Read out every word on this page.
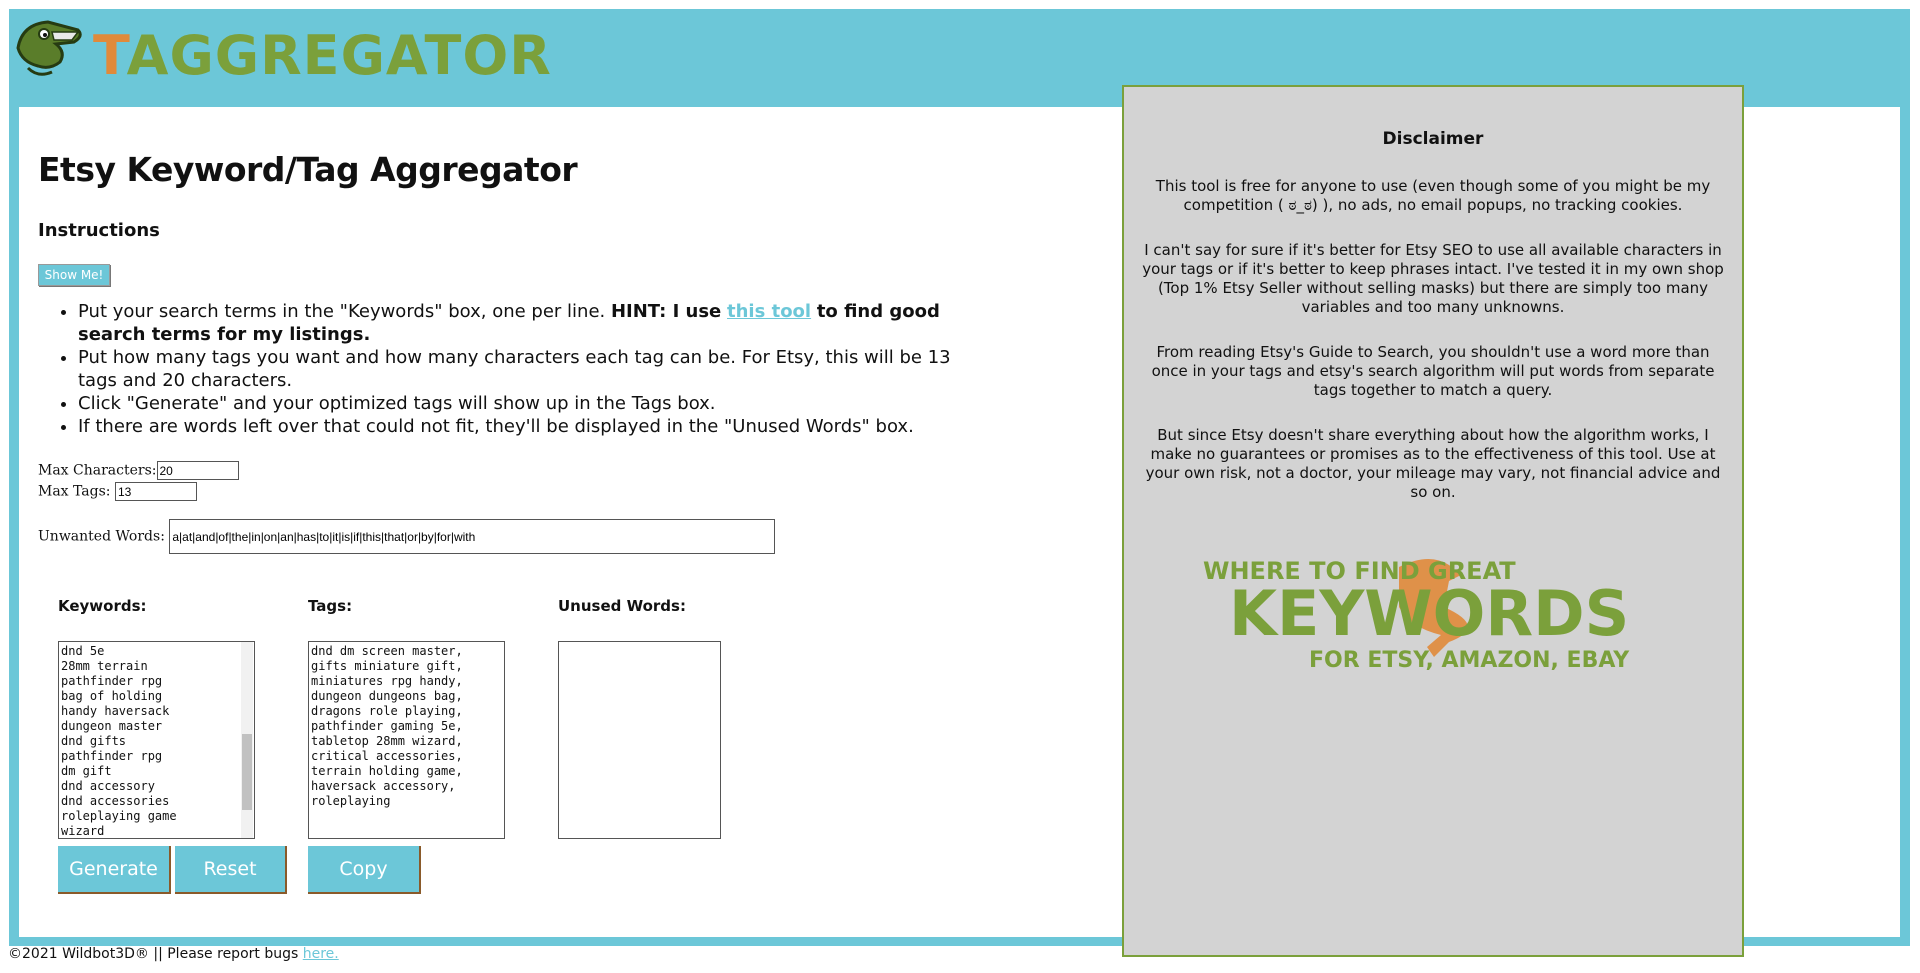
TAGGREGATOR
Etsy Keyword/Tag Aggregator
Instructions
Show Me!
• Put your search terms in the "Keywords" box, one per line. HINT: I use this tool to find good search terms for my listings.
• Put how many tags you want and how many characters each tag can be. For Etsy, this will be 13 tags and 20 characters.
• Click "Generate" and your optimized tags will show up in the Tags box.
• If there are words left over that could not fit, they'll be displayed in the "Unused Words" box.
Max Characters:20
Max Tags: 13
Unwanted Words: a|at|and|of|the|in|on|an|has|to|it|is|if|this|that|or|by|for|with
Keywords:	Tags:	Unused Words:
dnd 5e 28mm terrain pathfinder rpg bag of holding handy haversack dungeon master dnd gifts pathfinder rpg dm gift dnd accessory dnd accessories roleplaying game wizard
dnd dm screen master, gifts miniature gift, miniatures rpg handy, dungeon dungeons bag, dragons role playing, pathfinder gaming 5e, tabletop 28mm wizard, critical accessories, terrain holding game, haversack accessory, roleplaying
Generate	Reset	Copy
Disclaimer

This tool is free for anyone to use (even though some of you might be my competition ( ಠ_ಠ) ), no ads, no email popups, no tracking cookies.

I can't say for sure if it's better for Etsy SEO to use all available characters in your tags or if it's better to keep phrases intact. I've tested it in my own shop (Top 1% Etsy Seller without selling masks) but there are simply too many variables and too many unknowns.

From reading Etsy's Guide to Search, you shouldn't use a word more than once in your tags and etsy's search algorithm will put words from separate tags together to match a query.

But since Etsy doesn't share everything about how the algorithm works, I make no guarantees or promises as to the effectiveness of this tool. Use at your own risk, not a doctor, your mileage may vary, not financial advice and so on.

WHERE TO FIND GREAT
KEYWORDS
FOR ETSY, AMAZON, EBAY
©2021 Wildbot3D® || Please report bugs here.
